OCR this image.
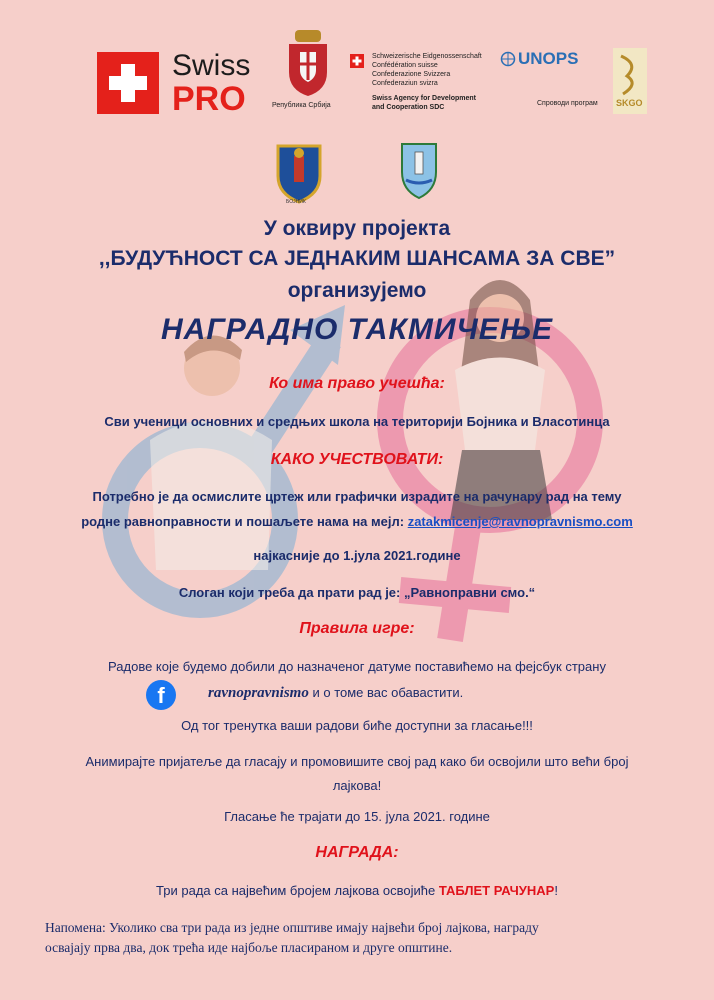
Swiss
PRO	Република Србија
Schweizerische Eidgenossenschaft
Confédération suisse
Confederazione Svizzera
Confederaziun svizra
Swiss Agency for Development and Cooperation SDC
UNOPS
Спроводи програм SKGO
БОЈНИК
У оквиру пројекта
,,БУДУЋНОСТ СА ЈЕДНАКИМ ШАНСАМА ЗА СВЕ”
организујемо
НАГРАДНО ТАКМИЧЕЊЕ
Ко има право учешћа:
Сви ученици основних и средњих школа на територији Бојника и Власотинца
КАКО УЧЕСТВОВАТИ:
Потребно је да осмислите цртеж или графички израдите на рачунару рад на тему
родне равноправности и пошаљете нама на мејл: zatakmicenje@ravnopravnismo.com
најкасније до 1.јула 2021.године
Слоган који треба да прати рад је: „Равноправни смо.“
Правила игре:
Радове које будемо добили до назначеног датуме поставићемо на фејсбук страну
f	ravnopravnismo и о томе вас обавастити.
Од тог тренутка ваши радови биће доступни за гласање!!!
Анимирајте пријатеље да гласају и промовишите свој рад како би освојили што већи број
лајкова!
Гласање ће трајати до 15. јула 2021. године
НАГРАДА:
Три рада са највећим бројем лајкова освојиће ТАБЛЕТ РАЧУНАР!
Напомена: Уколико сва три рада из једне општиве имају највећи број лајкова, награду
освајају прва два, док трећа иде најбоље пласираном и друге општине.
